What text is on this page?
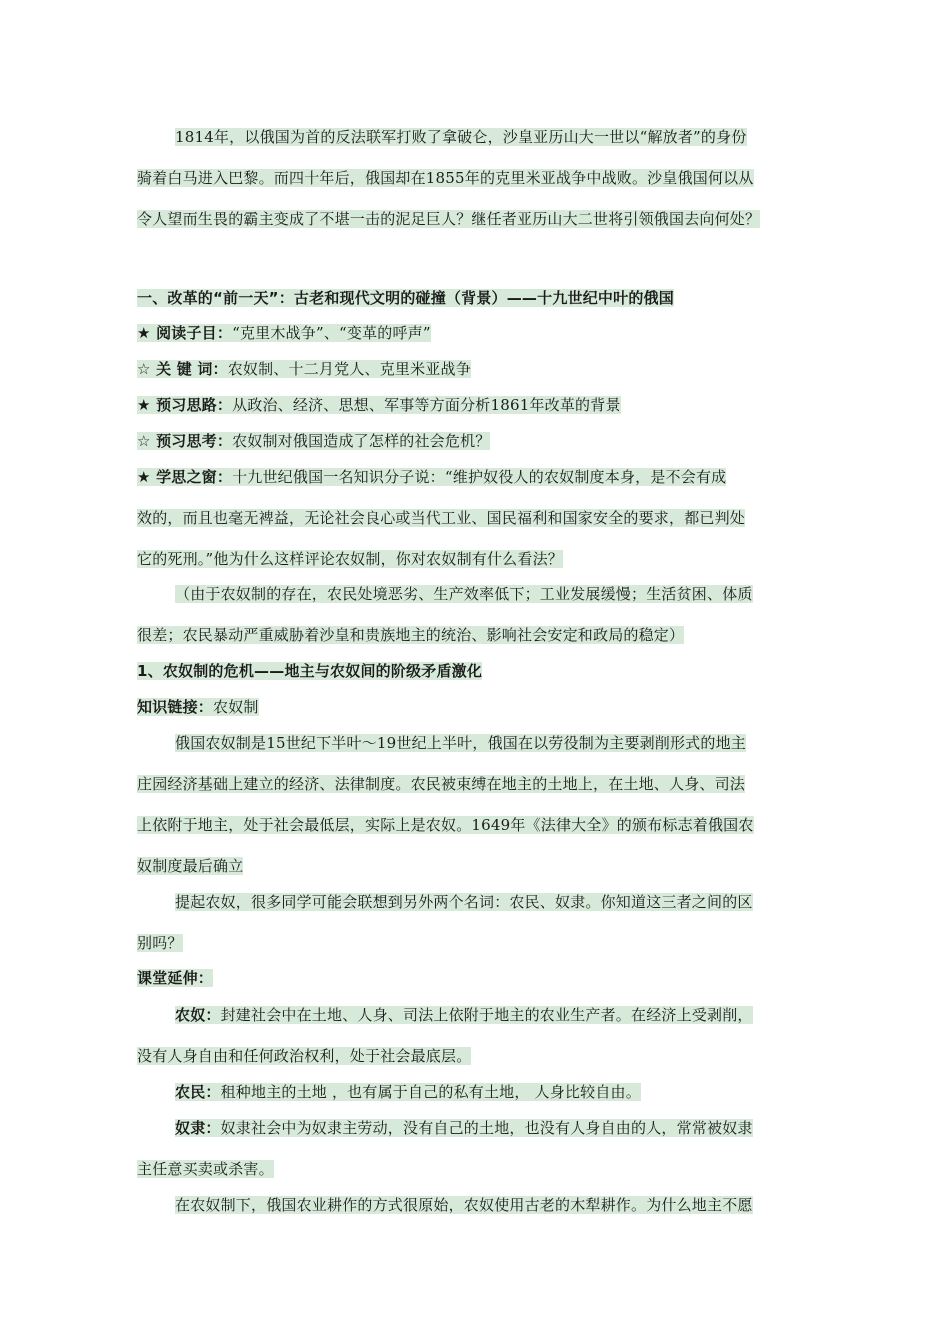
1814年，以俄国为首的反法联军打败了拿破仑，沙皇亚历山大一世以“解放者”的身份
骑着白马进入巴黎。而四十年后，俄国却在1855年的克里米亚战争中战败。沙皇俄国何以从
令人望而生畏的霸主变成了不堪一击的泥足巨人？继任者亚历山大二世将引领俄国去向何处？
一、改革的“前一天”：古老和现代文明的碰撞（背景）——十九世纪中叶的俄国
★ 阅读子目：“克里木战争”、“变革的呼声”
☆ 关 键 词：农奴制、十二月党人、克里米亚战争
★ 预习思路：从政治、经济、思想、军事等方面分析1861年改革的背景
☆ 预习思考：农奴制对俄国造成了怎样的社会危机？
★ 学思之窗：十九世纪俄国一名知识分子说：“维护奴役人的农奴制度本身，是不会有成
效的，而且也毫无裨益，无论社会良心或当代工业、国民福利和国家安全的要求，都已判处
它的死刑。”他为什么这样评论农奴制，你对农奴制有什么看法？
（由于农奴制的存在，农民处境恶劣、生产效率低下；工业发展缓慢；生活贫困、体质
很差；农民暴动严重威胁着沙皇和贵族地主的统治、影响社会安定和政局的稳定）
1、农奴制的危机——地主与农奴间的阶级矛盾激化
知识链接：农奴制
俄国农奴制是15世纪下半叶～19世纪上半叶，俄国在以劳役制为主要剥削形式的地主
庄园经济基础上建立的经济、法律制度。农民被束缚在地主的土地上，在土地、人身、司法
上依附于地主，处于社会最低层，实际上是农奴。1649年《法律大全》的颁布标志着俄国农
奴制度最后确立
提起农奴，很多同学可能会联想到另外两个名词：农民、奴隶。你知道这三者之间的区
别吗？
课堂延伸：
农奴：封建社会中在土地、人身、司法上依附于地主的农业生产者。在经济上受剥削，
没有人身自由和任何政治权利，处于社会最底层。
农民：租种地主的土地 ，也有属于自己的私有土地， 人身比较自由。
奴隶：奴隶社会中为奴隶主劳动，没有自己的土地，也没有人身自由的人，常常被奴隶
主任意买卖或杀害。
在农奴制下，俄国农业耕作的方式很原始，农奴使用古老的木犁耕作。为什么地主不愿
